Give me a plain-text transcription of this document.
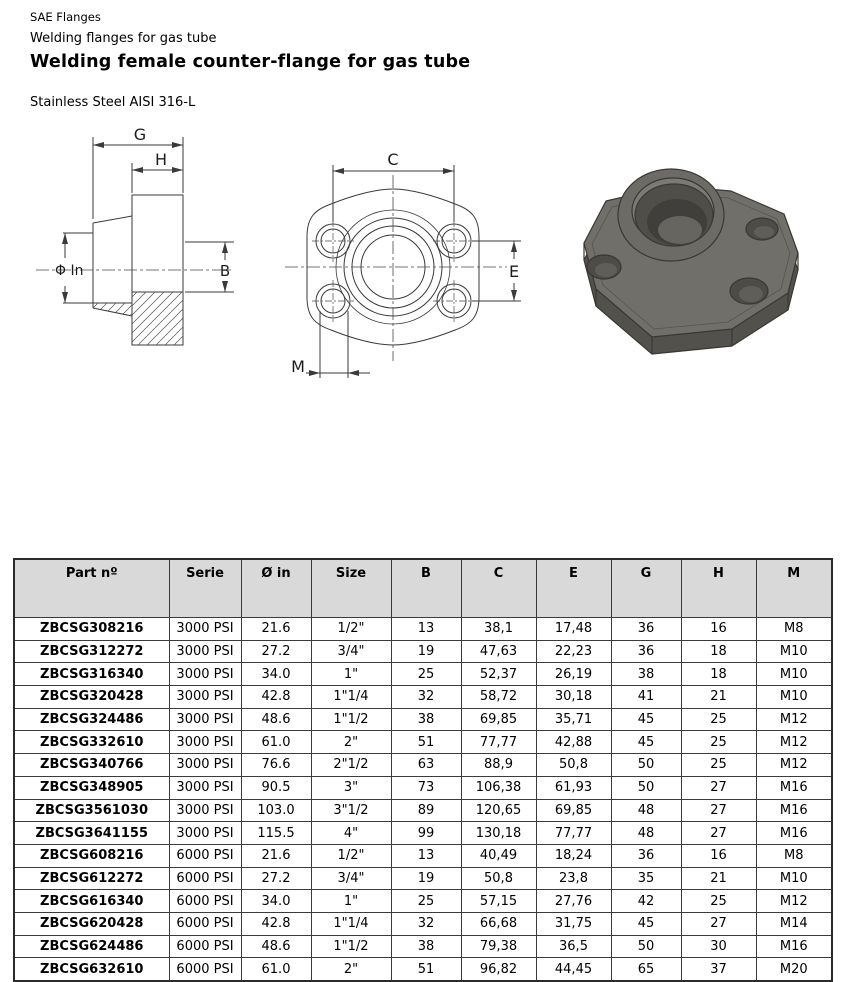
SAE Flanges
Welding flanges for gas tube
Welding female counter-flange for gas tube
Stainless Steel AISI 316-L
G
H
Φ In	B
C
E
M
Part nº	Serie	Ø in	Size	B	C	E	G	H	M
ZBCSG308216	3000 PSI	21.6	1/2"	13	38,1	17,48	36	16	M8
ZBCSG312272	3000 PSI	27.2	3/4"	19	47,63	22,23	36	18	M10
ZBCSG316340	3000 PSI	34.0	1"	25	52,37	26,19	38	18	M10
ZBCSG320428	3000 PSI	42.8	1"1/4	32	58,72	30,18	41	21	M10
ZBCSG324486	3000 PSI	48.6	1"1/2	38	69,85	35,71	45	25	M12
ZBCSG332610	3000 PSI	61.0	2"	51	77,77	42,88	45	25	M12
ZBCSG340766	3000 PSI	76.6	2"1/2	63	88,9	50,8	50	25	M12
ZBCSG348905	3000 PSI	90.5	3"	73	106,38	61,93	50	27	M16
ZBCSG3561030	3000 PSI	103.0	3"1/2	89	120,65	69,85	48	27	M16
ZBCSG3641155	3000 PSI	115.5	4"	99	130,18	77,77	48	27	M16
ZBCSG608216	6000 PSI	21.6	1/2"	13	40,49	18,24	36	16	M8
ZBCSG612272	6000 PSI	27.2	3/4"	19	50,8	23,8	35	21	M10
ZBCSG616340	6000 PSI	34.0	1"	25	57,15	27,76	42	25	M12
ZBCSG620428	6000 PSI	42.8	1"1/4	32	66,68	31,75	45	27	M14
ZBCSG624486	6000 PSI	48.6	1"1/2	38	79,38	36,5	50	30	M16
ZBCSG632610	6000 PSI	61.0	2"	51	96,82	44,45	65	37	M20
